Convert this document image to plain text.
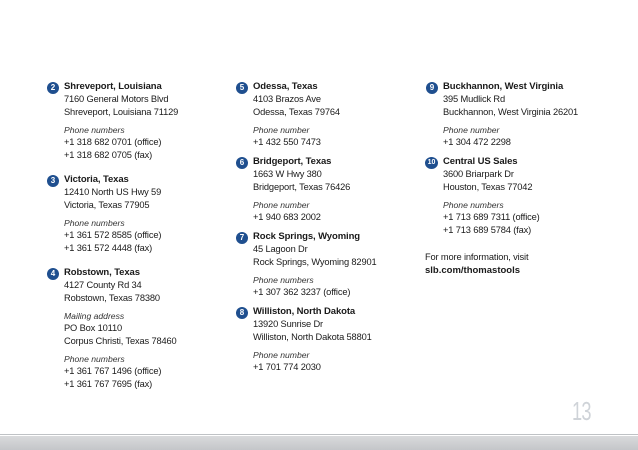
2 Shreveport, Louisiana
7160 General Motors Blvd
Shreveport, Louisiana 71129
Phone numbers
+1 318 682 0701 (office)
+1 318 682 0705 (fax)
3 Victoria, Texas
12410 North US Hwy 59
Victoria, Texas 77905
Phone numbers
+1 361 572 8585 (office)
+1 361 572 4448 (fax)
4 Robstown, Texas
4127 County Rd 34
Robstown, Texas 78380
Mailing address
PO Box 10110
Corpus Christi, Texas 78460
Phone numbers
+1 361 767 1496 (office)
+1 361 767 7695 (fax)
5 Odessa, Texas
4103 Brazos Ave
Odessa, Texas 79764
Phone number
+1 432 550 7473
6 Bridgeport, Texas
1663 W Hwy 380
Bridgeport, Texas 76426
Phone number
+1 940 683 2002
7 Rock Springs, Wyoming
45 Lagoon Dr
Rock Springs, Wyoming 82901
Phone numbers
+1 307 362 3237 (office)
8 Williston, North Dakota
13920 Sunrise Dr
Williston, North Dakota 58801
Phone number
+1 701 774 2030
9 Buckhannon, West Virginia
395 Mudlick Rd
Buckhannon, West Virginia 26201
Phone number
+1 304 472 2298
10 Central US Sales
3600 Briarpark Dr
Houston, Texas 77042
Phone numbers
+1 713 689 7311 (office)
+1 713 689 5784 (fax)
For more information, visit
slb.com/thomastools
13
